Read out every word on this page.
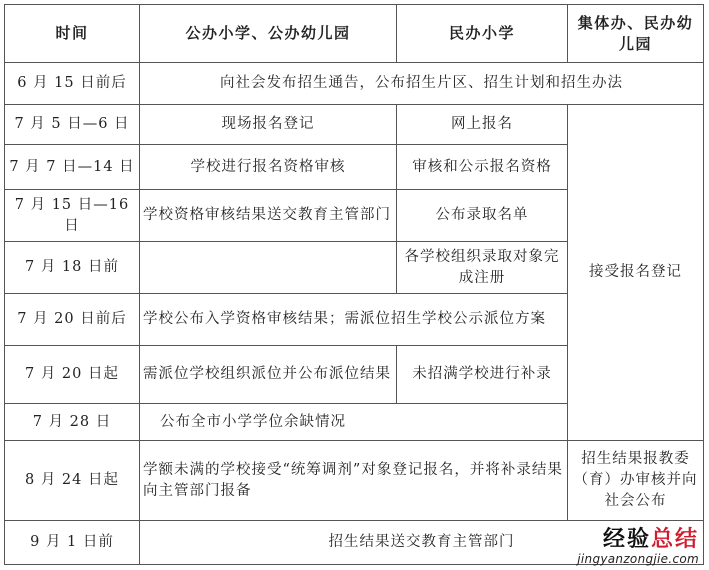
时间	公办小学、公办幼儿园	民办小学	集体办、民办幼儿园
6 月 15 日前后	向社会发布招生通告，公布招生片区、招生计划和招生办法		
7 月 5 日—6 日	现场报名登记	网上报名	接受报名登记
7 月 7 日—14 日	学校进行报名资格审核	审核和公示报名资格	
7 月 15 日—16 日	学校资格审核结果送交教育主管部门	公布录取名单	
7 月 18 日前		各学校组织录取对象完成注册	
7 月 20 日前后	学校公布入学资格审核结果；需派位招生学校公示派位方案		
7 月 20 日起	需派位学校组织派位并公布派位结果	未招满学校进行补录	
7 月 28 日	公布全市小学学位余缺情况		
8 月 24 日起	学额未满的学校接受“统筹调剂”对象登记报名，并将补录结果向主管部门报备		招生结果报教委（育）办审核并向社会公布
9 月 1 日前	招生结果送交教育主管部门			经验总结
jingyanzongjie.com
